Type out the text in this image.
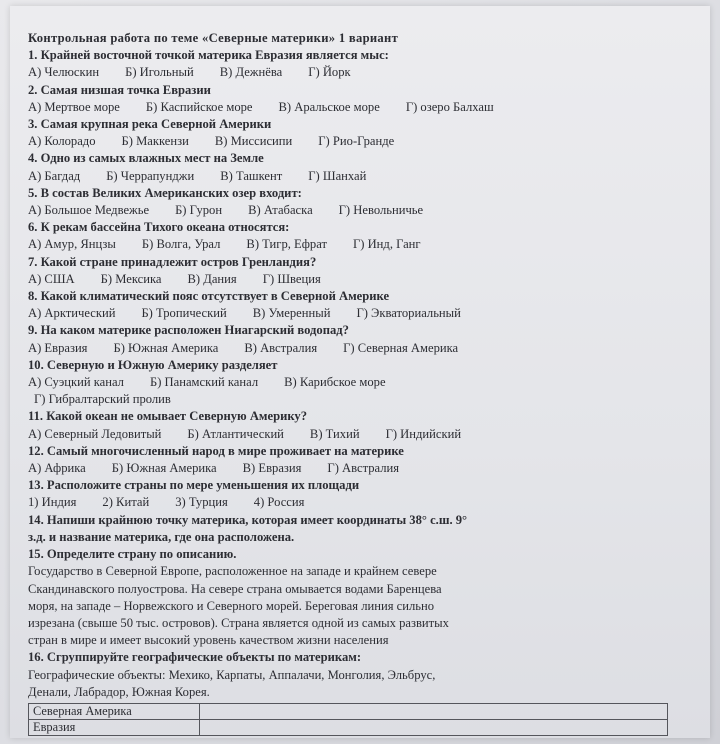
Контрольная работа по теме «Северные материки» 1 вариант
1. Крайней восточной точкой материка Евразия является мыс:
А) Челюскин Б) Игольный В) Дежнёва Г) Йорк
2. Самая низшая точка Евразии
А) Мертвое море Б) Каспийское море В) Аральское море Г) озеро Балхаш
3. Самая крупная река Северной Америки
А) Колорадо Б) Маккензи В) Миссисипи Г) Рио-Гранде
4. Одно из самых влажных мест на Земле
А) Багдад Б) Черрапунджи В) Ташкент Г) Шанхай
5. В состав Великих Американских озер входит:
А) Большое Медвежье Б) Гурон В) Атабаска Г) Невольничье
6. К рекам бассейна Тихого океана относятся:
А) Амур, Янцзы Б) Волга, Урал В) Тигр, Ефрат Г) Инд, Ганг
7. Какой стране принадлежит остров Гренландия?
А) США Б) Мексика В) Дания Г) Швеция
8. Какой климатический пояс отсутствует в Северной Америке
А) Арктический Б) Тропический В) Умеренный Г) Экваториальный
9. На каком материке расположен Ниагарский водопад?
А) Евразия Б) Южная Америка В) Австралия Г) Северная Америка
10. Северную и Южную Америку разделяет
А) Суэцкий канал Б) Панамский канал В) Карибское море
Г) Гибралтарский пролив
11. Какой океан не омывает Северную Америку?
А) Северный Ледовитый Б) Атлантический В) Тихий Г) Индийский
12. Самый многочисленный народ в мире проживает на материке
А) Африка Б) Южная Америка В) Евразия Г) Австралия
13. Расположите страны по мере уменьшения их площади
1) Индия 2) Китай 3) Турция 4) Россия
14. Напиши крайнюю точку материка, которая имеет координаты 38° с.ш. 9°
з.д. и название материка, где она расположена.
15. Определите страну по описанию.
Государство в Северной Европе, расположенное на западе и крайнем севере
Скандинавского полуострова. На севере страна омывается водами Баренцева
моря, на западе – Норвежского и Северного морей. Береговая линия сильно
изрезана (свыше 50 тыс. островов). Страна является одной из самых развитых
стран в мире и имеет высокий уровень качеством жизни населения
16. Сгруппируйте географические объекты по материкам:
Географические объекты: Мехико, Карпаты, Аппалачи, Монголия, Эльбрус,
Денали, Лабрадор, Южная Корея.
Северная Америка	
Евразия	
